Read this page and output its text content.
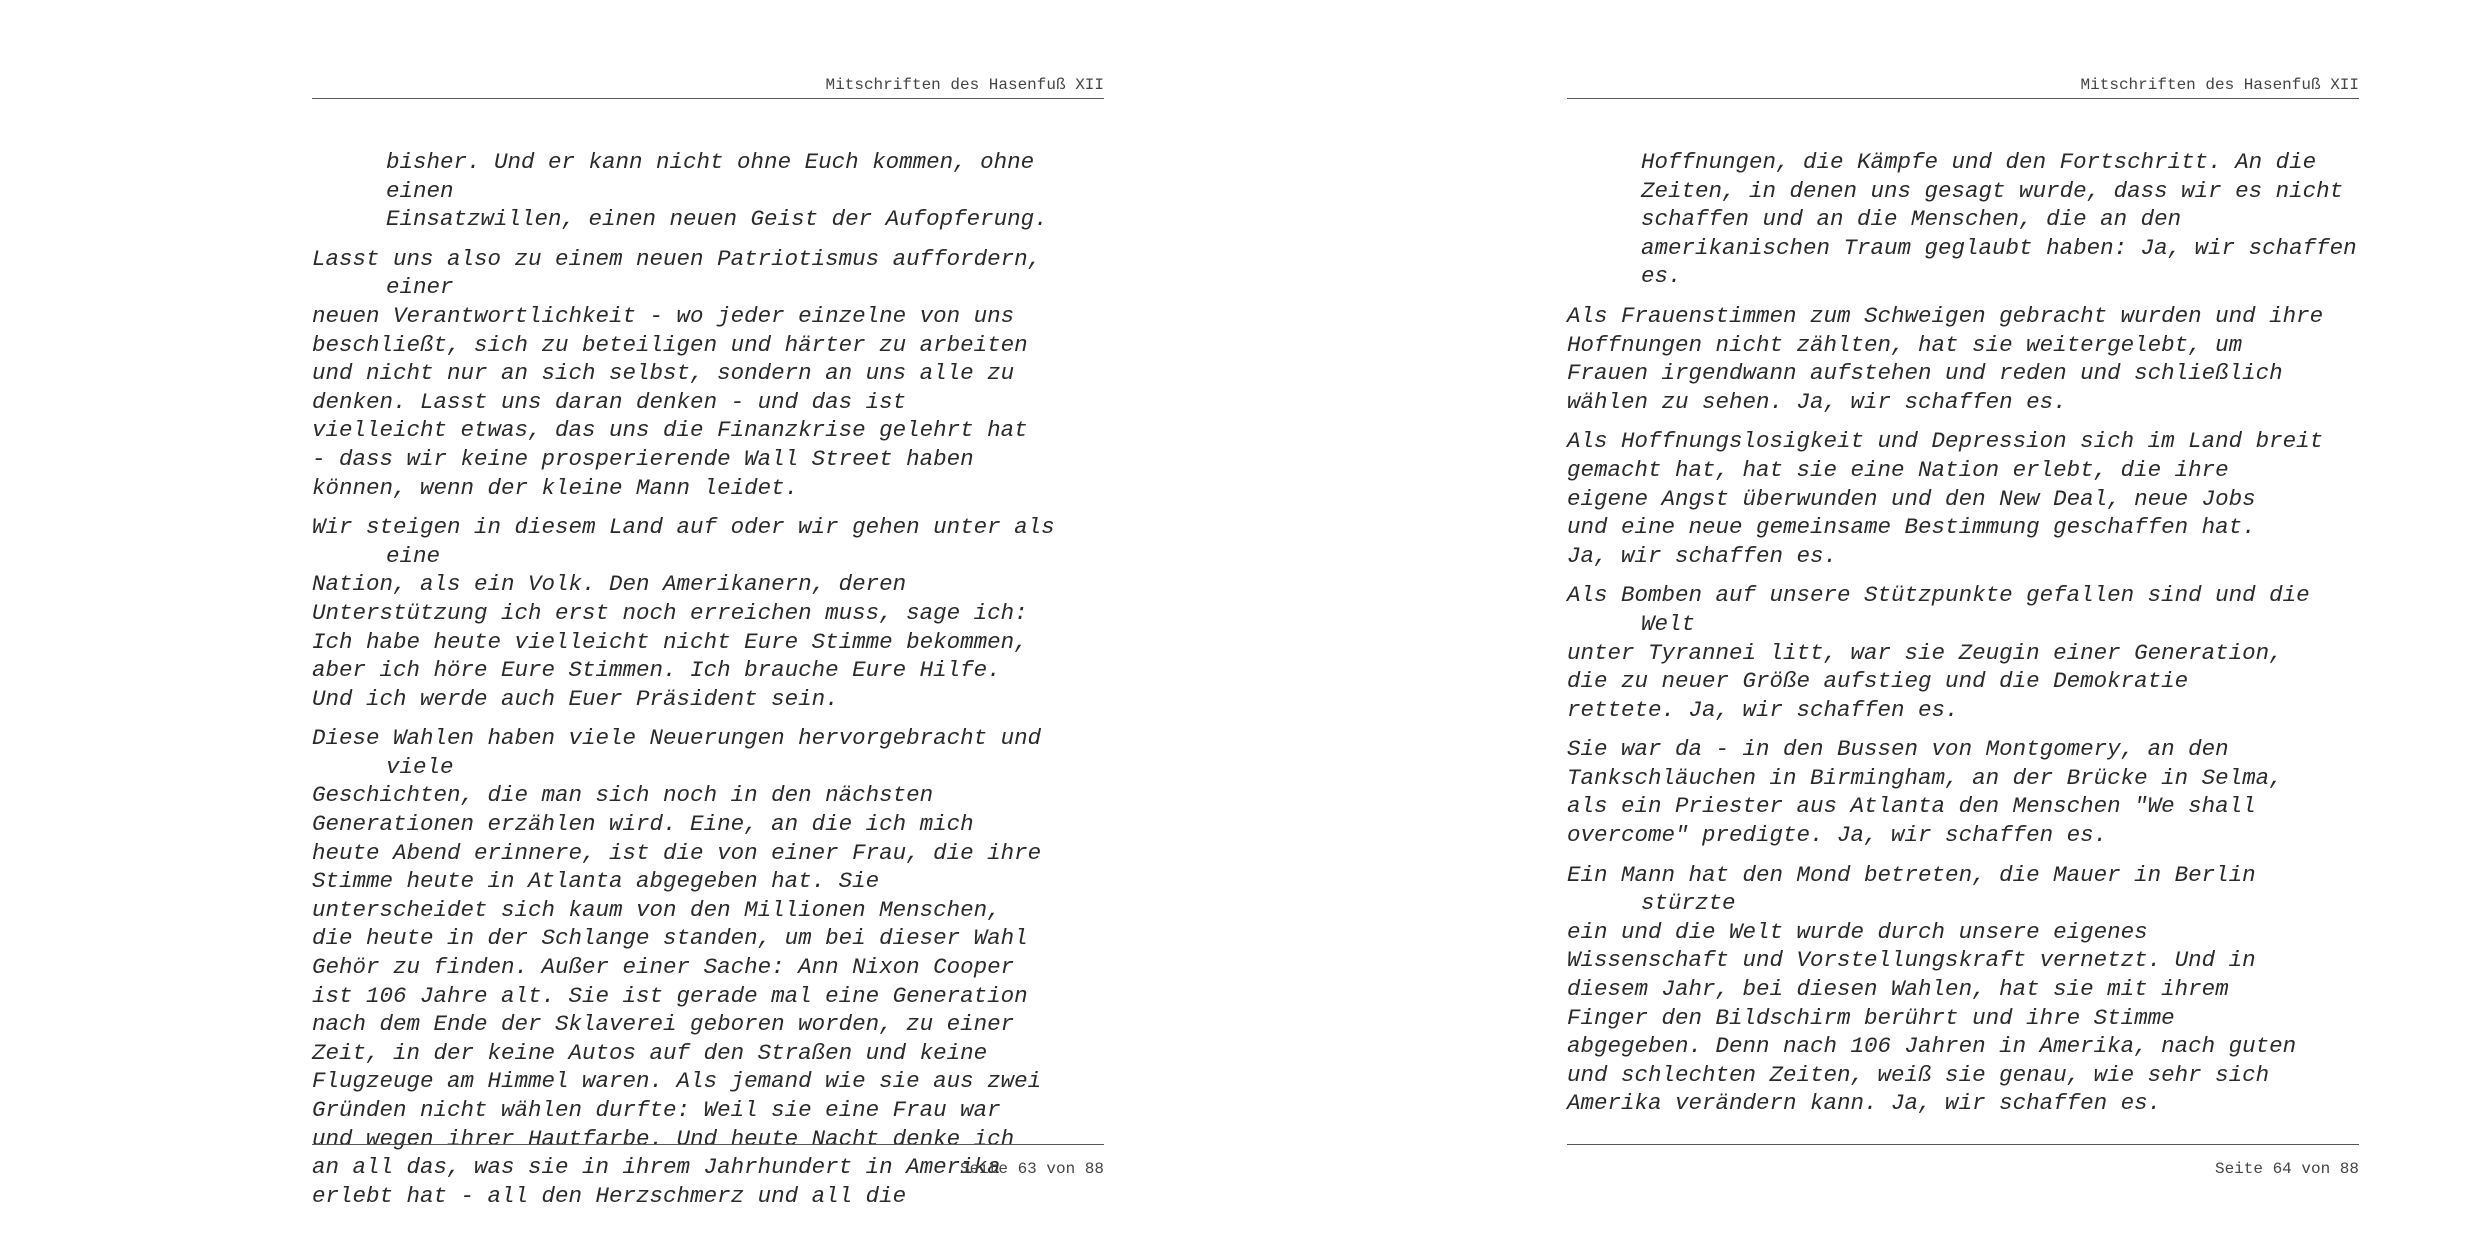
Mitschriften des Hasenfuß XII
bisher. Und er kann nicht ohne Euch kommen, ohne einen
Einsatzwillen, einen neuen Geist der Aufopferung.
Lasst uns also zu einem neuen Patriotismus auffordern, einer
neuen Verantwortlichkeit - wo jeder einzelne von uns
beschließt, sich zu beteiligen und härter zu arbeiten
und nicht nur an sich selbst, sondern an uns alle zu
denken. Lasst uns daran denken - und das ist
vielleicht etwas, das uns die Finanzkrise gelehrt hat
- dass wir keine prosperierende Wall Street haben
können, wenn der kleine Mann leidet.
Wir steigen in diesem Land auf oder wir gehen unter als eine
Nation, als ein Volk. Den Amerikanern, deren
Unterstützung ich erst noch erreichen muss, sage ich:
Ich habe heute vielleicht nicht Eure Stimme bekommen,
aber ich höre Eure Stimmen. Ich brauche Eure Hilfe.
Und ich werde auch Euer Präsident sein.
Diese Wahlen haben viele Neuerungen hervorgebracht und viele
Geschichten, die man sich noch in den nächsten
Generationen erzählen wird. Eine, an die ich mich
heute Abend erinnere, ist die von einer Frau, die ihre
Stimme heute in Atlanta abgegeben hat. Sie
unterscheidet sich kaum von den Millionen Menschen,
die heute in der Schlange standen, um bei dieser Wahl
Gehör zu finden. Außer einer Sache: Ann Nixon Cooper
ist 106 Jahre alt. Sie ist gerade mal eine Generation
nach dem Ende der Sklaverei geboren worden, zu einer
Zeit, in der keine Autos auf den Straßen und keine
Flugzeuge am Himmel waren. Als jemand wie sie aus zwei
Gründen nicht wählen durfte: Weil sie eine Frau war
und wegen ihrer Hautfarbe. Und heute Nacht denke ich
an all das, was sie in ihrem Jahrhundert in Amerika
erlebt hat - all den Herzschmerz und all die
Seite 63 von 88
Mitschriften des Hasenfuß XII
Hoffnungen, die Kämpfe und den Fortschritt. An die
Zeiten, in denen uns gesagt wurde, dass wir es nicht
schaffen und an die Menschen, die an den
amerikanischen Traum geglaubt haben: Ja, wir schaffen
es.
Als Frauenstimmen zum Schweigen gebracht wurden und ihre
Hoffnungen nicht zählten, hat sie weitergelebt, um
Frauen irgendwann aufstehen und reden und schließlich
wählen zu sehen. Ja, wir schaffen es.
Als Hoffnungslosigkeit und Depression sich im Land breit
gemacht hat, hat sie eine Nation erlebt, die ihre
eigene Angst überwunden und den New Deal, neue Jobs
und eine neue gemeinsame Bestimmung geschaffen hat.
Ja, wir schaffen es.
Als Bomben auf unsere Stützpunkte gefallen sind und die Welt
unter Tyrannei litt, war sie Zeugin einer Generation,
die zu neuer Größe aufstieg und die Demokratie
rettete. Ja, wir schaffen es.
Sie war da - in den Bussen von Montgomery, an den
Tankschläuchen in Birmingham, an der Brücke in Selma,
als ein Priester aus Atlanta den Menschen "We shall
overcome" predigte. Ja, wir schaffen es.
Ein Mann hat den Mond betreten, die Mauer in Berlin stürzte
ein und die Welt wurde durch unsere eigenes
Wissenschaft und Vorstellungskraft vernetzt. Und in
diesem Jahr, bei diesen Wahlen, hat sie mit ihrem
Finger den Bildschirm berührt und ihre Stimme
abgegeben. Denn nach 106 Jahren in Amerika, nach guten
und schlechten Zeiten, weiß sie genau, wie sehr sich
Amerika verändern kann. Ja, wir schaffen es.
Seite 64 von 88
